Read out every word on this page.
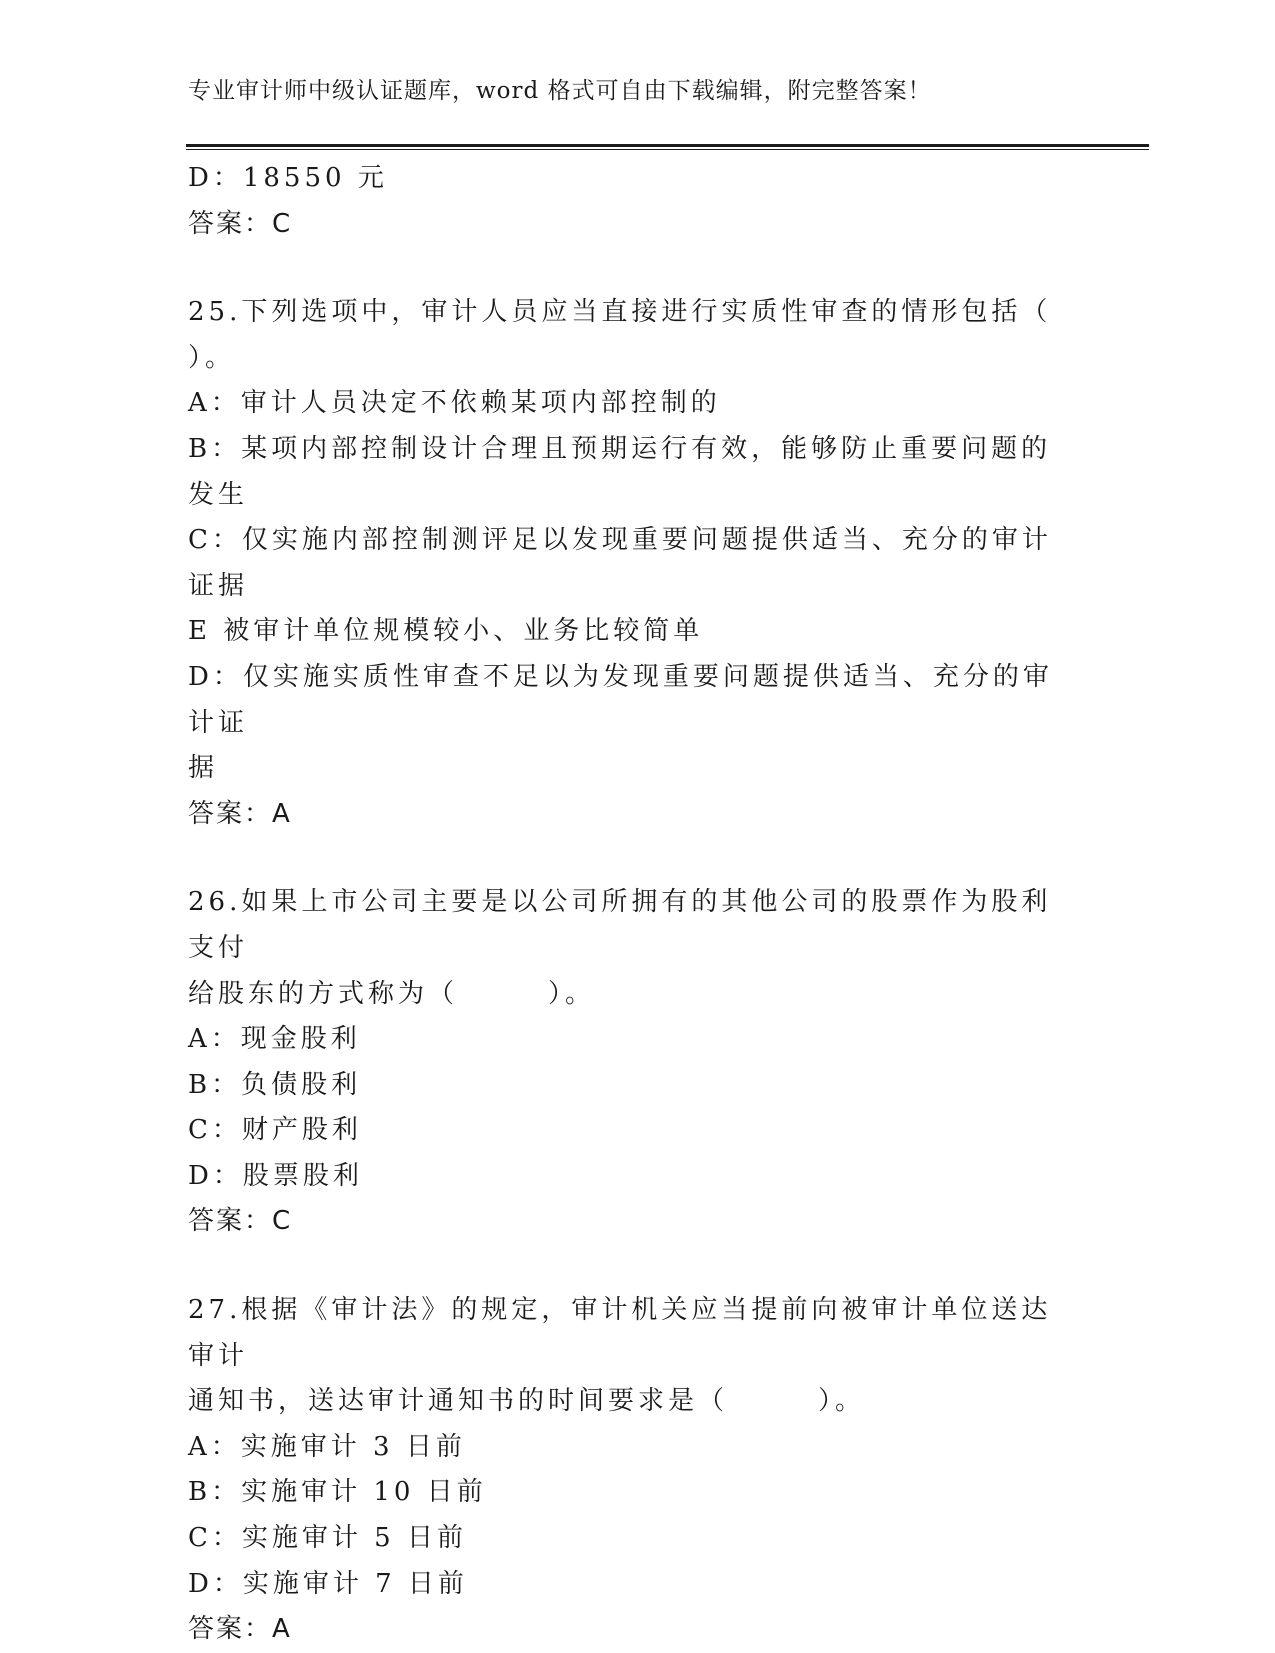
专业审计师中级认证题库，word 格式可自由下载编辑，附完整答案！

D：18550 元

答案：C

25.下列选项中，审计人员应当直接进行实质性审查的情形包括（

）。

A：审计人员决定不依赖某项内部控制的

B：某项内部控制设计合理且预期运行有效，能够防止重要问题的发生

C：仅实施内部控制测评足以发现重要问题提供适当、充分的审计证据

E 被审计单位规模较小、业务比较简单

D：仅实施实质性审查不足以为发现重要问题提供适当、充分的审计证

据

答案：A

26.如果上市公司主要是以公司所拥有的其他公司的股票作为股利支付

给股东的方式称为（　　　）。

A：现金股利

B：负债股利

C：财产股利

D：股票股利

答案：C

27.根据《审计法》的规定，审计机关应当提前向被审计单位送达审计

通知书，送达审计通知书的时间要求是（　　　）。

A：实施审计 3 日前

B：实施审计 10 日前

C：实施审计 5 日前

D：实施审计 7 日前

答案：A
